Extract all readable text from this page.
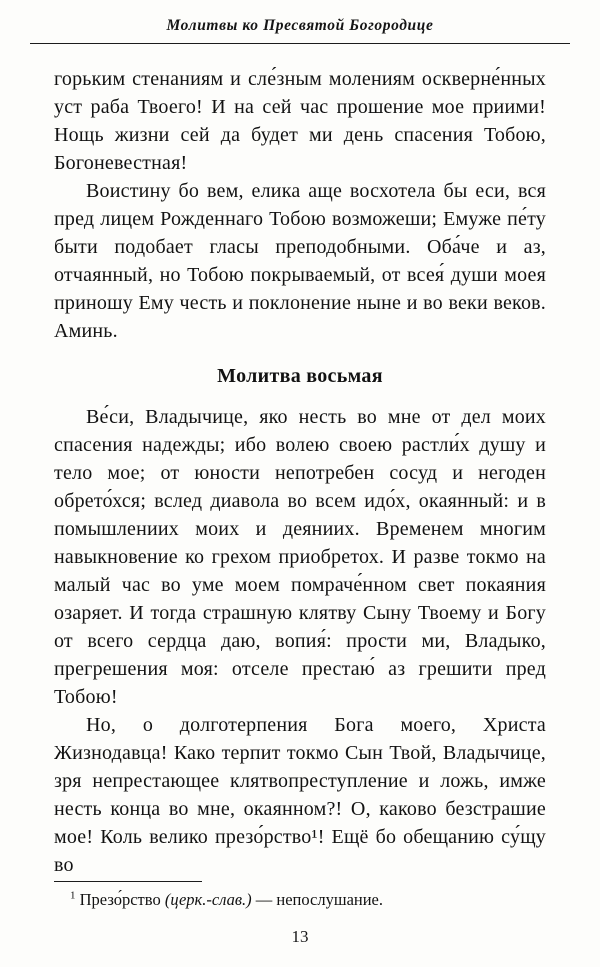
Молитвы ко Пресвятой Богородице

горьким стенаниям и сле́зным молениям оскверне́нных уст раба Твоего! И на сей час прошение мое приими! Нощь жизни сей да будет ми день спасения Тобою, Богоневестная!

Воистину бо вем, елика аще восхотела бы еси, вся пред лицем Рожденнаго Тобою возможеши; Емуже пе́ту быти подобает гласы преподобными. Оба́че и аз, отчаянный, но Тобою покрываемый, от всея́ души моея приношу Ему честь и поклонение ныне и во веки веков. Аминь.

Молитва восьмая

Ве́си, Владычице, яко несть во мне от дел моих спасения надежды; ибо волею своею растли́х душу и тело мое; от юности непотребен сосуд и негоден обрето́хся; вслед диавола во всем идо́х, окаянный: и в помышлениих моих и деяниих. Временем многим навыкновение ко грехом приобретох. И разве токмо на малый час во уме моем помраче́нном свет покаяния озаряет. И тогда страшную клятву Сыну Твоему и Богу от всего сердца даю, вопия́: прости ми, Владыко, прегрешения моя: отселе престаю́ аз грешити пред Тобою!

Но, о долготерпения Бога моего, Христа Жизнодавца! Како терпит токмо Сын Твой, Владычице, зря непрестающее клятвопреступление и ложь, имже несть конца во мне, окаянном?! О, каково безстрашие мое! Коль велико презо́рство¹! Ещё бо обещанию су́щу во

$^1$ Презо́рство (церк.-слав.) — непослушание.

13
